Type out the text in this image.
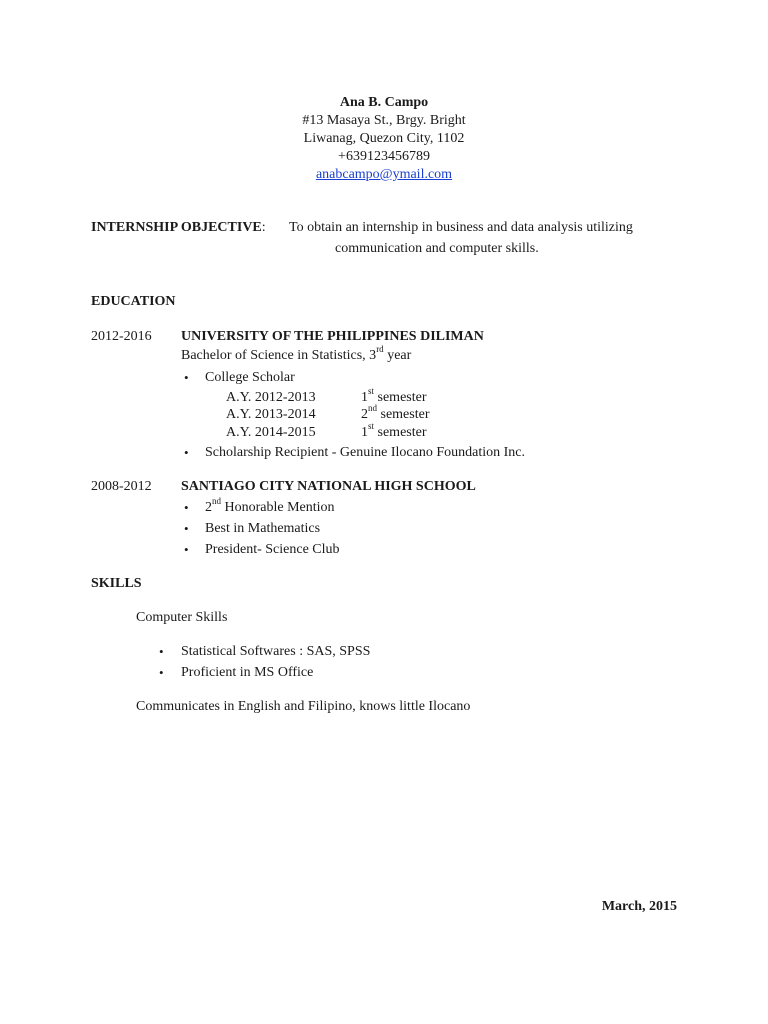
Ana B. Campo
#13 Masaya St., Brgy. Bright
Liwanag, Quezon City, 1102
+639123456789
anabcampo@ymail.com
INTERNSHIP OBJECTIVE: To obtain an internship in business and data analysis utilizing
communication and computer skills.
EDUCATION
2012-2016 UNIVERSITY OF THE PHILIPPINES DILIMAN
Bachelor of Science in Statistics, 3rd year
• College Scholar
A.Y. 2012-2013	1st semester
A.Y. 2013-2014	2nd semester
A.Y. 2014-2015	1st semester
• Scholarship Recipient - Genuine Ilocano Foundation Inc.
2008-2012 SANTIAGO CITY NATIONAL HIGH SCHOOL
• 2nd Honorable Mention
• Best in Mathematics
• President- Science Club
SKILLS
Computer Skills
• Statistical Softwares : SAS, SPSS
• Proficient in MS Office
Communicates in English and Filipino, knows little Ilocano
March, 2015
